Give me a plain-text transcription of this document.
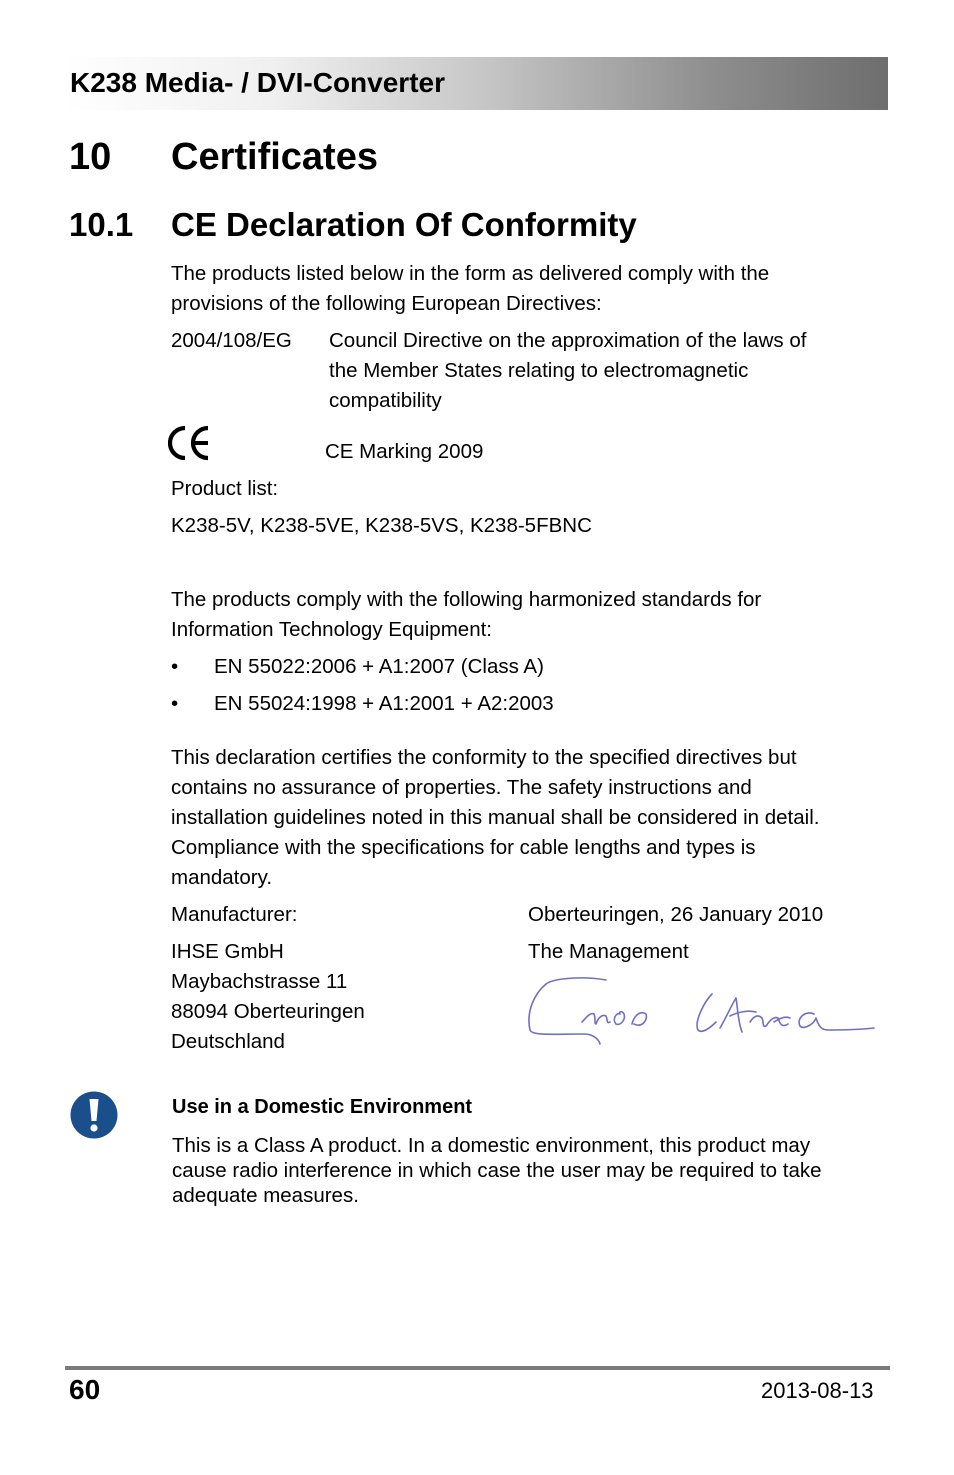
K238 Media- / DVI-Converter
10 Certificates
10.1 CE Declaration Of Conformity
The products listed below in the form as delivered comply with the
provisions of the following European Directives:
2004/108/EG Council Directive on the approximation of the laws of
the Member States relating to electromagnetic
compatibility
CE Marking 2009
Product list:
K238-5V, K238-5VE, K238-5VS, K238-5FBNC
The products comply with the following harmonized standards for
Information Technology Equipment:
• EN 55022:2006 + A1:2007 (Class A)
• EN 55024:1998 + A1:2001 + A2:2003
This declaration certifies the conformity to the specified directives but
contains no assurance of properties. The safety instructions and
installation guidelines noted in this manual shall be considered in detail.
Compliance with the specifications for cable lengths and types is
mandatory.
Manufacturer:
IHSE GmbH
Maybachstrasse 11
88094 Oberteuringen
Deutschland
Oberteuringen, 26 January 2010
The Management
Use in a Domestic Environment
This is a Class A product. In a domestic environment, this product may
cause radio interference in which case the user may be required to take
adequate measures.
60	2013-08-13
